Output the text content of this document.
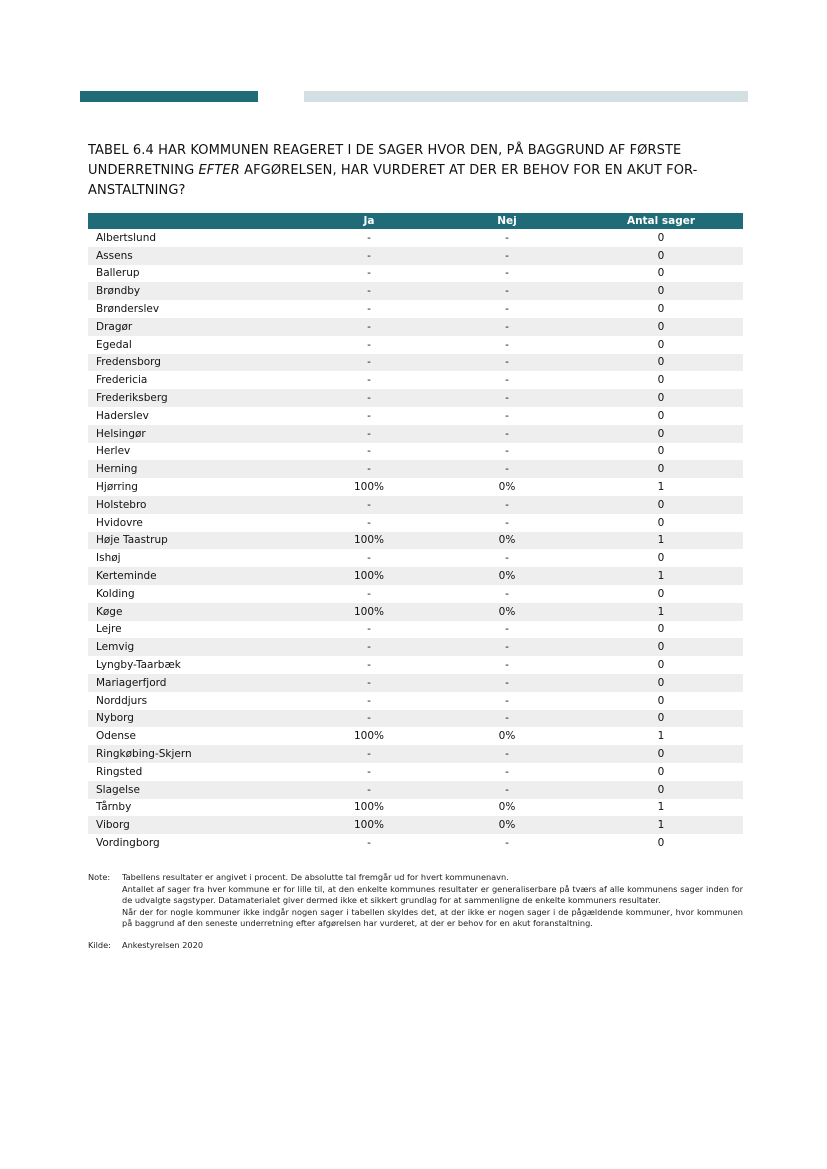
TABEL 6.4 HAR KOMMUNEN REAGERET I DE SAGER HVOR DEN, PÅ BAGGRUND AF FØRSTE UNDERRETNING EFTER AFGØRELSEN, HAR VURDERET AT DER ER BEHOV FOR EN AKUT FOR-ANSTALTNING?
	Ja	Nej	Antal sager
Albertslund	-	-	0
Assens	-	-	0
Ballerup	-	-	0
Brøndby	-	-	0
Brønderslev	-	-	0
Dragør	-	-	0
Egedal	-	-	0
Fredensborg	-	-	0
Fredericia	-	-	0
Frederiksberg	-	-	0
Haderslev	-	-	0
Helsingør	-	-	0
Herlev	-	-	0
Herning	-	-	0
Hjørring	100%	0%	1
Holstebro	-	-	0
Hvidovre	-	-	0
Høje Taastrup	100%	0%	1
Ishøj	-	-	0
Kerteminde	100%	0%	1
Kolding	-	-	0
Køge	100%	0%	1
Lejre	-	-	0
Lemvig	-	-	0
Lyngby-Taarbæk	-	-	0
Mariagerfjord	-	-	0
Norddjurs	-	-	0
Nyborg	-	-	0
Odense	100%	0%	1
Ringkøbing-Skjern	-	-	0
Ringsted	-	-	0
Slagelse	-	-	0
Tårnby	100%	0%	1
Viborg	100%	0%	1
Vordingborg	-	-	0
Note:	Tabellens resultater er angivet i procent. De absolutte tal fremgår ud for hvert kommunenavn.

Antallet af sager fra hver kommune er for lille til, at den enkelte kommunes resultater er generaliserbare på tværs af alle kommunens sager inden for de udvalgte sagstyper. Datamaterialet giver dermed ikke et sikkert grundlag for at sammenligne de enkelte kommuners resultater.

Når der for nogle kommuner ikke indgår nogen sager i tabellen skyldes det, at der ikke er nogen sager i de pågældende kommuner, hvor kommunen på baggrund af den seneste underretning efter afgørelsen har vurderet, at der er behov for en akut foranstaltning.

Kilde:	Ankestyrelsen 2020
